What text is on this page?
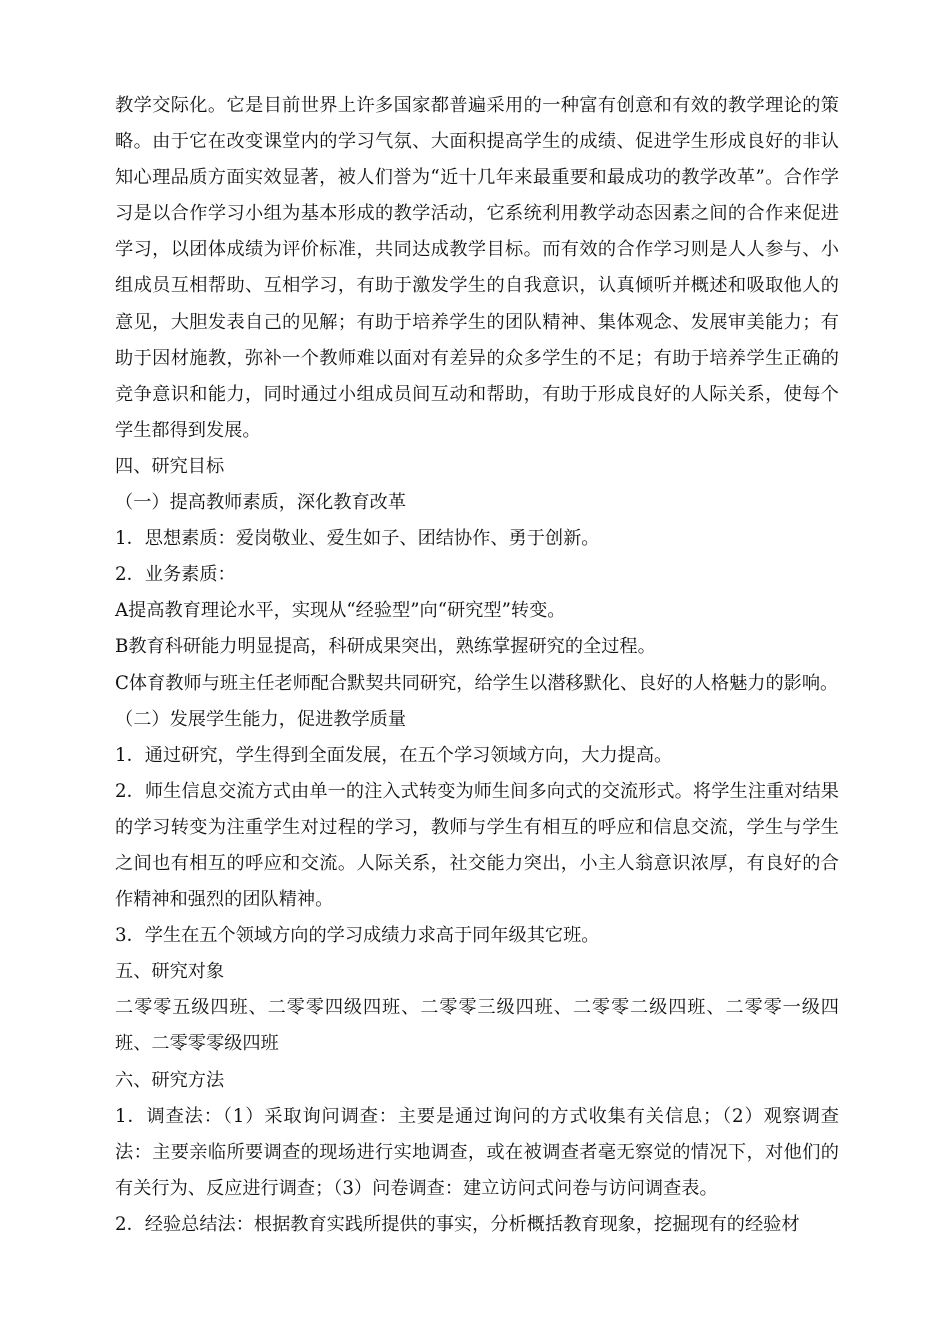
教学交际化。它是目前世界上许多国家都普遍采用的一种富有创意和有效的教学理论的策略。由于它在改变课堂内的学习气氛、大面积提高学生的成绩、促进学生形成良好的非认知心理品质方面实效显著，被人们誉为“近十几年来最重要和最成功的教学改革”。合作学习是以合作学习小组为基本形成的教学活动，它系统利用教学动态因素之间的合作来促进学习，以团体成绩为评价标准，共同达成教学目标。而有效的合作学习则是人人参与、小组成员互相帮助、互相学习，有助于激发学生的自我意识，认真倾听并概述和吸取他人的意见，大胆发表自己的见解；有助于培养学生的团队精神、集体观念、发展审美能力；有助于因材施教，弥补一个教师难以面对有差异的众多学生的不足；有助于培养学生正确的竞争意识和能力，同时通过小组成员间互动和帮助，有助于形成良好的人际关系，使每个学生都得到发展。

四、研究目标

（一）提高教师素质，深化教育改革

1．思想素质：爱岗敬业、爱生如子、团结协作、勇于创新。

2．业务素质：

A提高教育理论水平，实现从“经验型”向“研究型”转变。

B教育科研能力明显提高，科研成果突出，熟练掌握研究的全过程。

C体育教师与班主任老师配合默契共同研究，给学生以潜移默化、良好的人格魅力的影响。

（二）发展学生能力，促进教学质量

1．通过研究，学生得到全面发展，在五个学习领域方向，大力提高。

2．师生信息交流方式由单一的注入式转变为师生间多向式的交流形式。将学生注重对结果的学习转变为注重学生对过程的学习，教师与学生有相互的呼应和信息交流，学生与学生之间也有相互的呼应和交流。人际关系，社交能力突出，小主人翁意识浓厚，有良好的合作精神和强烈的团队精神。

3．学生在五个领域方向的学习成绩力求高于同年级其它班。

五、研究对象

二零零五级四班、二零零四级四班、二零零三级四班、二零零二级四班、二零零一级四班、二零零零级四班

六、研究方法

1．调查法：（1）采取询问调查：主要是通过询问的方式收集有关信息；（2）观察调查法：主要亲临所要调查的现场进行实地调查，或在被调查者毫无察觉的情况下，对他们的有关行为、反应进行调查；（3）问卷调查：建立访问式问卷与访问调查表。

2．经验总结法：根据教育实践所提供的事实，分析概括教育现象，挖掘现有的经验材
